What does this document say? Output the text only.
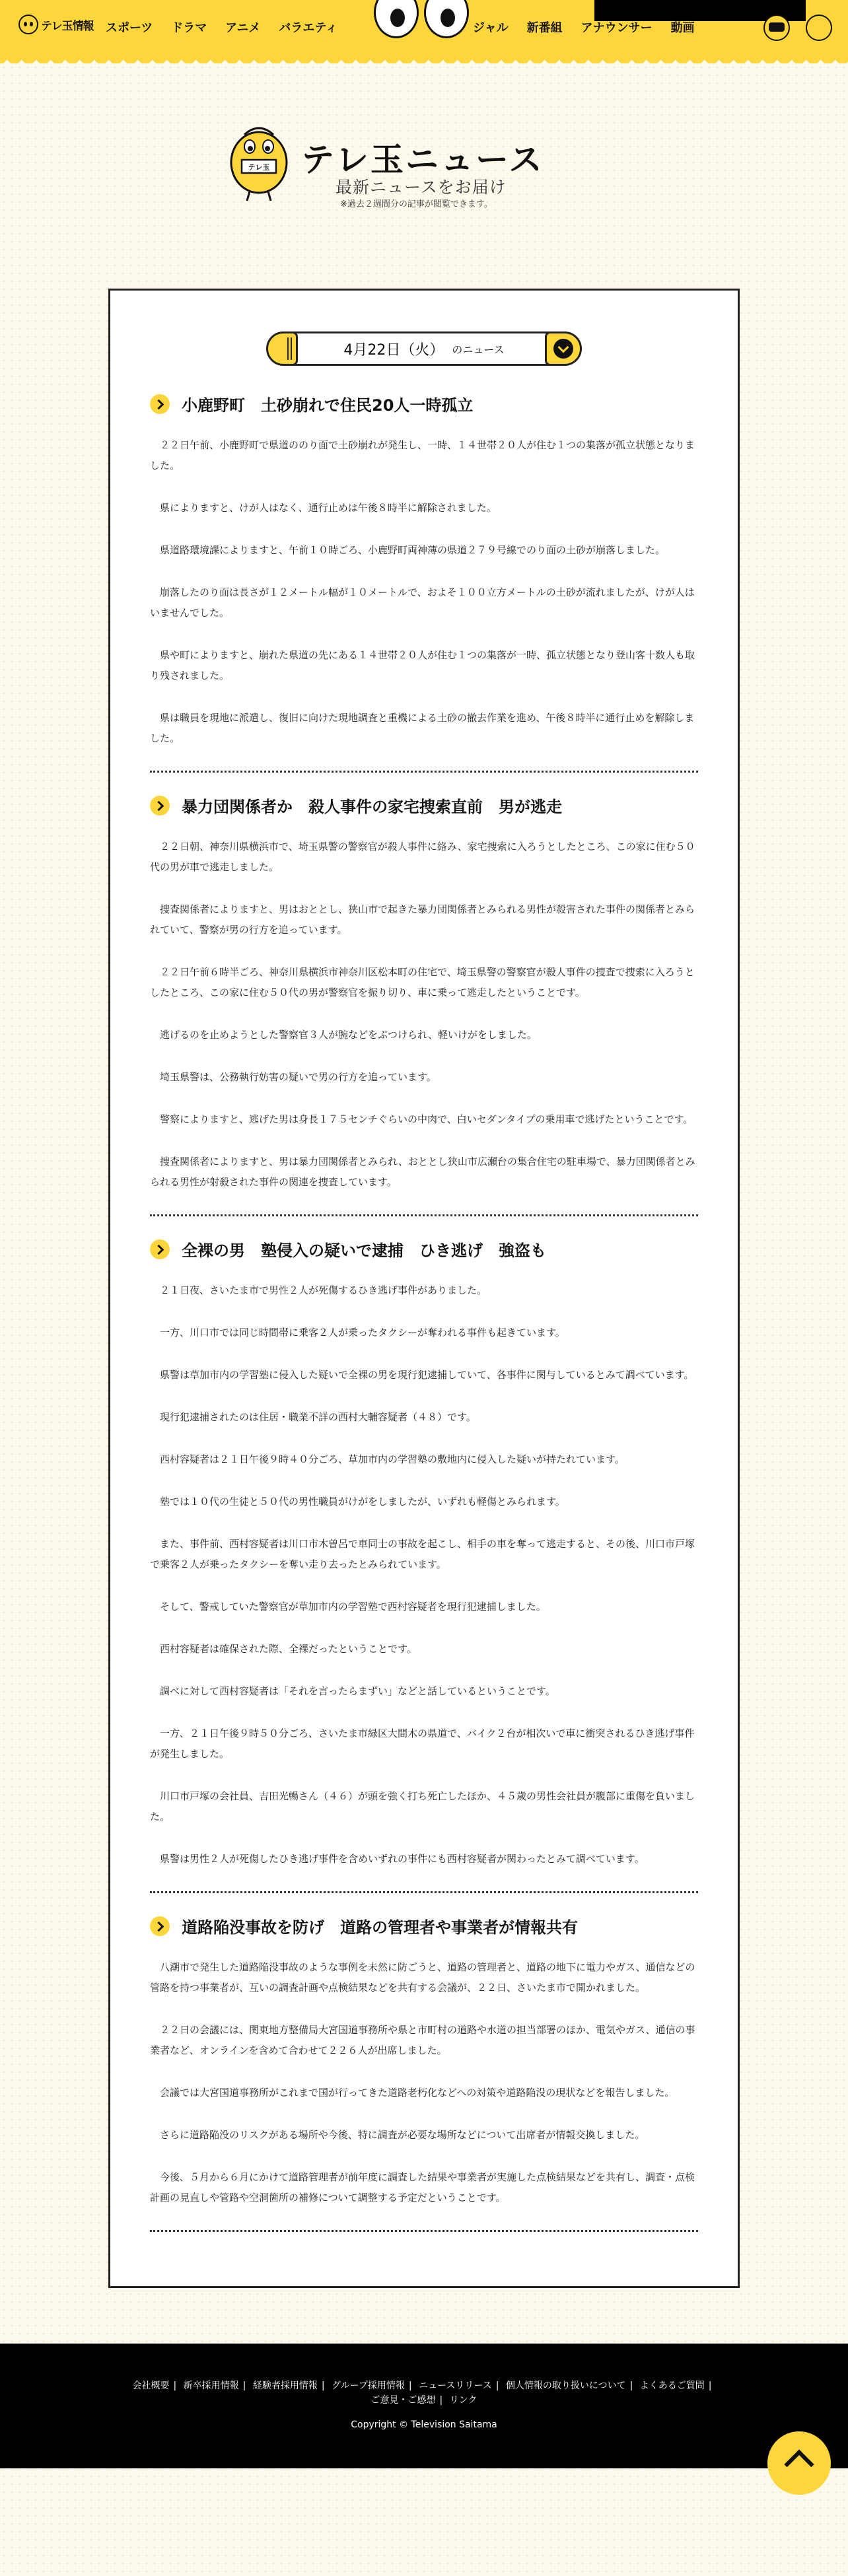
テレ玉情報	スポーツ	ドラマ	アニメ	バラエティ	ジャル	新番組	アナウンサー	動画
テレ玉 テレ玉ニュース
最新ニュースをお届け
※過去２週間分の記事が閲覧できます。
4月22日（火） のニュース
小鹿野町　土砂崩れで住民20人一時孤立

　２２日午前、小鹿野町で県道ののり面で土砂崩れが発生し、一時、１４世帯２０人が住む１つの集落が孤立状態となりました。

　県によりますと、けが人はなく、通行止めは午後８時半に解除されました。

　県道路環境課によりますと、午前１０時ごろ、小鹿野町両神薄の県道２７９号線でのり面の土砂が崩落しました。

　崩落したのり面は長さが１２メートル幅が１０メートルで、およそ１００立方メートルの土砂が流れましたが、けが人はいませんでした。

　県や町によりますと、崩れた県道の先にある１４世帯２０人が住む１つの集落が一時、孤立状態となり登山客十数人も取り残されました。

　県は職員を現地に派遣し、復旧に向けた現地調査と重機による土砂の撤去作業を進め、午後８時半に通行止めを解除しました。

暴力団関係者か　殺人事件の家宅捜索直前　男が逃走

　２２日朝、神奈川県横浜市で、埼玉県警の警察官が殺人事件に絡み、家宅捜索に入ろうとしたところ、この家に住む５０代の男が車で逃走しました。

　捜査関係者によりますと、男はおととし、狭山市で起きた暴力団関係者とみられる男性が殺害された事件の関係者とみられていて、警察が男の行方を追っています。

　２２日午前６時半ごろ、神奈川県横浜市神奈川区松本町の住宅で、埼玉県警の警察官が殺人事件の捜査で捜索に入ろうとしたところ、この家に住む５０代の男が警察官を振り切り、車に乗って逃走したということです。

　逃げるのを止めようとした警察官３人が腕などをぶつけられ、軽いけがをしました。

　埼玉県警は、公務執行妨害の疑いで男の行方を追っています。

　警察によりますと、逃げた男は身長１７５センチぐらいの中肉で、白いセダンタイプの乗用車で逃げたということです。

　捜査関係者によりますと、男は暴力団関係者とみられ、おととし狭山市広瀬台の集合住宅の駐車場で、暴力団関係者とみられる男性が射殺された事件の関連を捜査しています。

全裸の男　塾侵入の疑いで逮捕　ひき逃げ　強盗も

　２１日夜、さいたま市で男性２人が死傷するひき逃げ事件がありました。

　一方、川口市では同じ時間帯に乗客２人が乗ったタクシーが奪われる事件も起きています。

　県警は草加市内の学習塾に侵入した疑いで全裸の男を現行犯逮捕していて、各事件に関与しているとみて調べています。

　現行犯逮捕されたのは住居・職業不詳の西村大輔容疑者（４８）です。

　西村容疑者は２１日午後９時４０分ごろ、草加市内の学習塾の敷地内に侵入した疑いが持たれています。

　塾では１０代の生徒と５０代の男性職員がけがをしましたが、いずれも軽傷とみられます。

　また、事件前、西村容疑者は川口市木曽呂で車同士の事故を起こし、相手の車を奪って逃走すると、その後、川口市戸塚で乗客２人が乗ったタクシーを奪い走り去ったとみられています。

　そして、警戒していた警察官が草加市内の学習塾で西村容疑者を現行犯逮捕しました。

　西村容疑者は確保された際、全裸だったということです。

　調べに対して西村容疑者は「それを言ったらまずい」などと話しているということです。

　一方、２１日午後９時５０分ごろ、さいたま市緑区大間木の県道で、バイク２台が相次いで車に衝突されるひき逃げ事件が発生しました。

　川口市戸塚の会社員、吉田光暢さん（４６）が頭を強く打ち死亡したほか、４５歳の男性会社員が腹部に重傷を負いました。

　県警は男性２人が死傷したひき逃げ事件を含めいずれの事件にも西村容疑者が関わったとみて調べています。

道路陥没事故を防げ　道路の管理者や事業者が情報共有

　八潮市で発生した道路陥没事故のような事例を未然に防ごうと、道路の管理者と、道路の地下に電力やガス、通信などの管路を持つ事業者が、互いの調査計画や点検結果などを共有する会議が、２２日、さいたま市で開かれました。

　２２日の会議には、関東地方整備局大宮国道事務所や県と市町村の道路や水道の担当部署のほか、電気やガス、通信の事業者など、オンラインを含めて合わせて２２６人が出席しました。

　会議では大宮国道事務所がこれまで国が行ってきた道路老朽化などへの対策や道路陥没の現状などを報告しました。

　さらに道路陥没のリスクがある場所や今後、特に調査が必要な場所などについて出席者が情報交換しました。

　今後、５月から６月にかけて道路管理者が前年度に調査した結果や事業者が実施した点検結果などを共有し、調査・点検計画の見直しや管路や空洞箇所の補修について調整する予定だということです。

会社概要 | 新卒採用情報 | 経験者採用情報 | グループ採用情報 | ニュースリリース | 個人情報の取り扱いについて | よくあるご質問 |
ご意見・ご感想 | リンク
Copyright © Television Saitama
